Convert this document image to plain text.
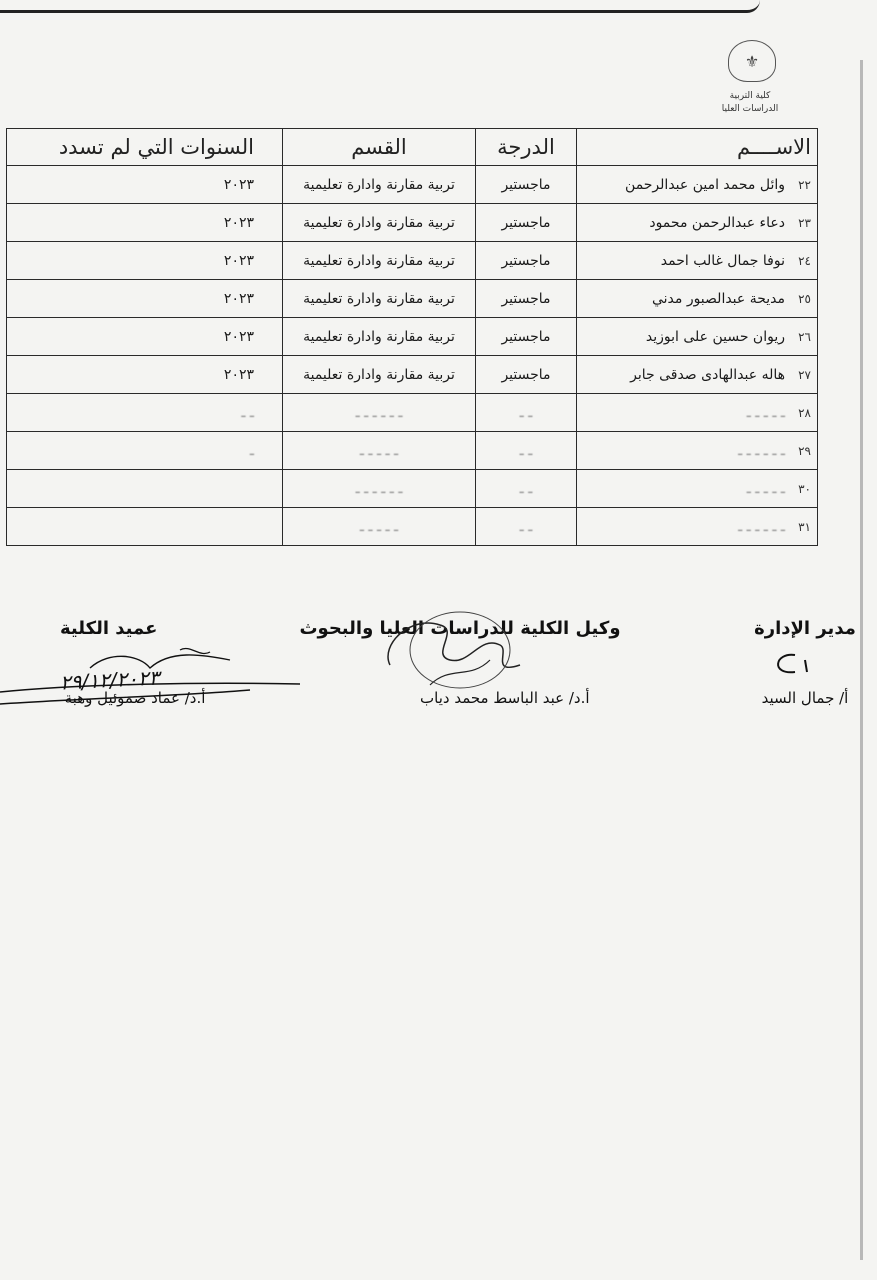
⚜
كلية التربية
الدراسات العليا
الاســــم	الدرجة	القسم	السنوات التي لم تسدد
٢٢وائل محمد امين عبدالرحمن	ماجستير	تربية مقارنة وادارة تعليمية	٢٠٢٣
٢٣دعاء عبدالرحمن محمود	ماجستير	تربية مقارنة وادارة تعليمية	٢٠٢٣
٢٤نوفا جمال غالب احمد	ماجستير	تربية مقارنة وادارة تعليمية	٢٠٢٣
٢٥مديحة عبدالصبور مدني	ماجستير	تربية مقارنة وادارة تعليمية	٢٠٢٣
٢٦ريوان حسين على ابوزيد	ماجستير	تربية مقارنة وادارة تعليمية	٢٠٢٣
٢٧هاله عبدالهادى صدقى جابر	ماجستير	تربية مقارنة وادارة تعليمية	٢٠٢٣
٢٨ـ ـ ـ ـ ـ	ـ ـ	ـ ـ ـ ـ ـ ـ	ـ ـ
٢٩ـ ـ ـ ـ ـ ـ	ـ ـ	ـ ـ ـ ـ ـ	ـ
٣٠ـ ـ ـ ـ ـ	ـ ـ	ـ ـ ـ ـ ـ ـ	
٣١ـ ـ ـ ـ ـ ـ	ـ ـ	ـ ـ ـ ـ ـ	
مدير الإدارة
أ/ جمال السيد
وكيل الكلية للدراسات العليا والبحوث
أ.د/ عبد الباسط محمد دياب
عميد الكلية
أ.د/ عماد صموئيل وهبة
٢٩/١٢/٢٠٢٣
